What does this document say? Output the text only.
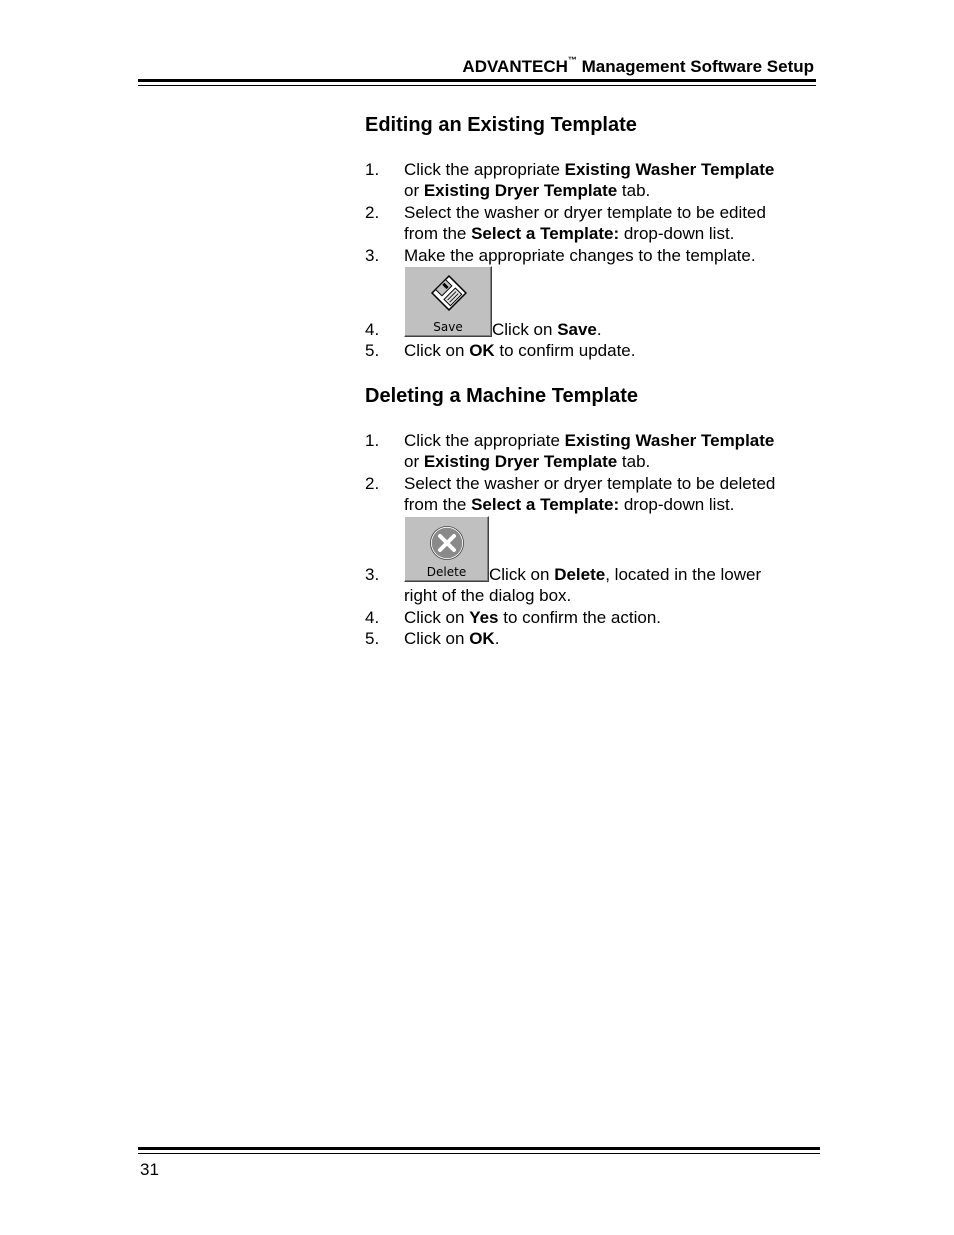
ADVANTECH™ Management Software Setup
Editing an Existing Template
1. Click the appropriate Existing Washer Template
or Existing Dryer Template tab.
2. Select the washer or dryer template to be edited
from the Select a Template: drop-down list.
3. Make the appropriate changes to the template.
Save
4.	Click on Save.
5. Click on OK to confirm update.
Deleting a Machine Template
1. Click the appropriate Existing Washer Template
or Existing Dryer Template tab.
2. Select the washer or dryer template to be deleted
from the Select a Template: drop-down list.
Delete
3.	Click on Delete, located in the lower
right of the dialog box.
4. Click on Yes to confirm the action.
5. Click on OK.
31
